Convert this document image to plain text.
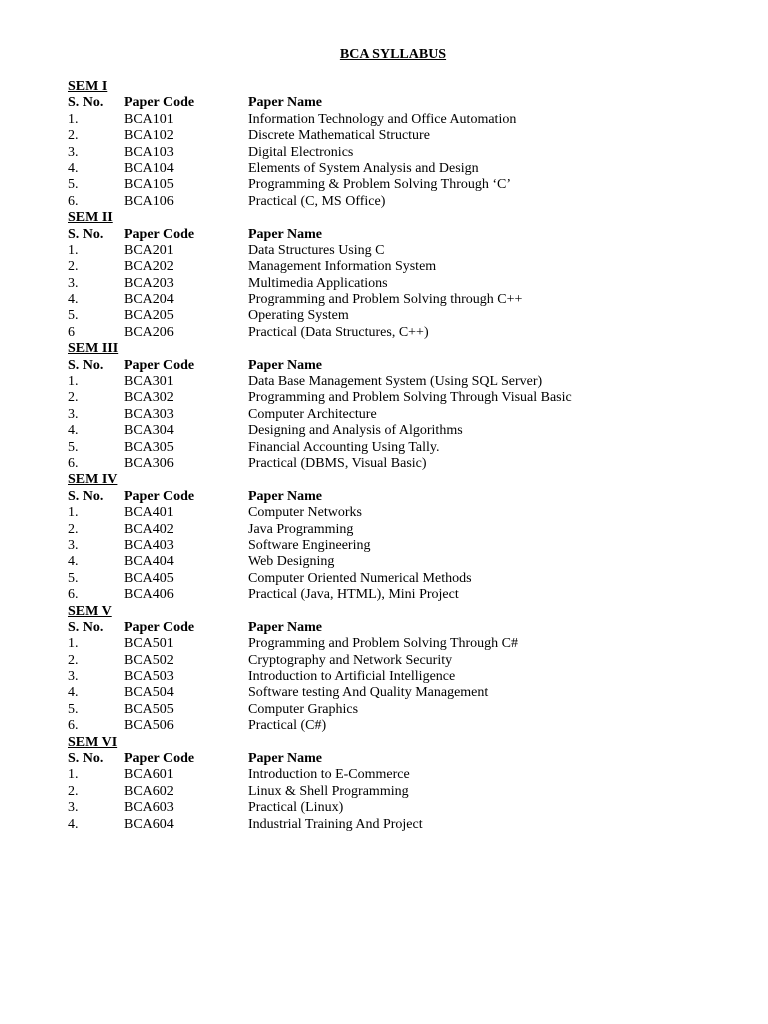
BCA SYLLABUS
SEM I
S. No. Paper Code	Paper Name
1.	BCA101	Information Technology and Office Automation
2.	BCA102	Discrete Mathematical Structure
3.	BCA103	Digital Electronics
4.	BCA104	Elements of System Analysis and Design
5.	BCA105	Programming & Problem Solving Through ‘C’
6.	BCA106	Practical (C, MS Office)
SEM II
S. No. Paper Code	Paper Name
1.	BCA201	Data Structures Using C
2.	BCA202	Management Information System
3.	BCA203	Multimedia Applications
4.	BCA204	Programming and Problem Solving through C++
5.	BCA205	Operating System
6	BCA206	Practical (Data Structures, C++)
SEM III
S. No. Paper Code	Paper Name
1.	BCA301	Data Base Management System (Using SQL Server)
2.	BCA302	Programming and Problem Solving Through Visual Basic
3.	BCA303	Computer Architecture
4.	BCA304	Designing and Analysis of Algorithms
5.	BCA305	Financial Accounting Using Tally.
6.	BCA306	Practical (DBMS, Visual Basic)
SEM IV
S. No. Paper Code	Paper Name
1.	BCA401	Computer Networks
2.	BCA402	Java Programming
3.	BCA403	Software Engineering
4.	BCA404	Web Designing
5.	BCA405	Computer Oriented Numerical Methods
6.	BCA406	Practical (Java, HTML), Mini Project
SEM V
S. No. Paper Code	Paper Name
1.	BCA501	Programming and Problem Solving Through C#
2.	BCA502	Cryptography and Network Security
3.	BCA503	Introduction to Artificial Intelligence
4.	BCA504	Software testing And Quality Management
5.	BCA505	Computer Graphics
6.	BCA506	Practical (C#)
SEM VI
S. No. Paper Code	Paper Name
1.	BCA601	Introduction to E-Commerce
2.	BCA602	Linux & Shell Programming
3.	BCA603	Practical (Linux)
4.	BCA604	Industrial Training And Project
